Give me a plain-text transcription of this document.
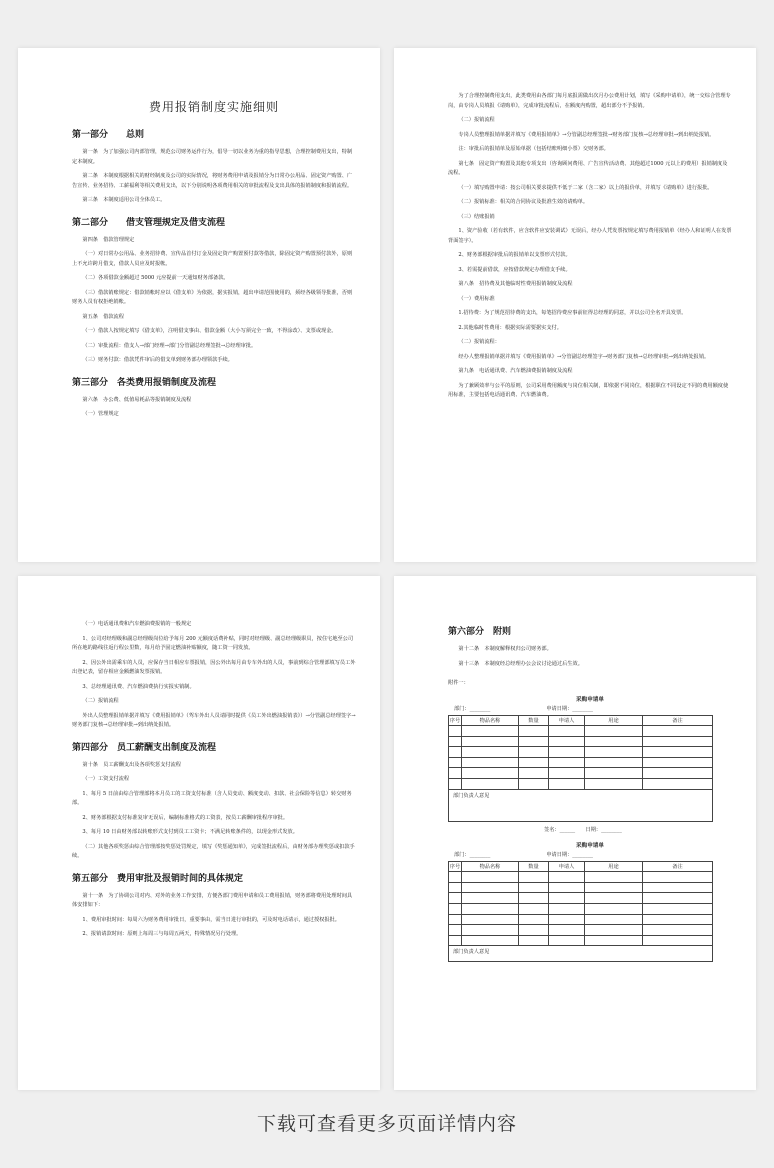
费用报销制度实施细则
第一部分　　总则
第一条　为了加强公司内部管理，规范公司财务运作行为，倡导一切以业务为重的指导思想，合理控制费用支出，特制定本制度。
第二条　本制度根据相关的财经制度及公司的实际情况，将财务费用申请及报销分为日常办公用品、固定资产购置、广告宣传、业务招待、工薪福利等相关费用支出，以下分别说明各项费用相关的审批流程及支出具体的报销制度和报销流程。
第三条　本制度适用公司全体员工。
第二部分　　借支管理规定及借支流程
第四条　借款管理规定
（一）对日常办公用品、业务招待费、宣传品首付订金及固定资产购置预付款等借款，除固定资产购置预付款外，原则上不允许跨月借支，借款人员应及时报帐。
（二）各项借款金额超过 5000 元应提前一天通知财务部备款。
（三）借款销账规定：借款销帐时应以《借支单》为依据，据实报销，超出申请范围使用的，须经各级领导批准，否则财务人员有权拒绝销帐。
第五条　借款流程
（一）借款人按规定填写《借支单》，注明借支事由、借款金额（大小写须完全一致，不得涂改）、支票或现金。
（二）审批流程：借支人→部门经理→部门分管副总经理签批→总经理审批。
（三）财务付款：借款凭件审后的借支单到财务部办理领款手续。
第三部分　各类费用报销制度及流程
第六条　办公费、低值易耗品等报销制度及流程
（一）管理规定
为了合理控制费用支出，此类费用由各部门每月底报需做出次月办公费用计划，填写《采购申请单》，统一交综合管理专岗，由专岗人员填报《请购单》，完成审批流程后，在额度内购置，超出部分不予报销。
（二）报销流程
专岗人员整理报销单据并填写《费用报销单》→分管副总经理签批→财务部门复核→总经理审批→到出纳处报销。
注：审批后的报销单及原始单据（包括结账明细小票）交财务部。
第七条　固定资产购置及其他专项支出（咨询顾问费用、广告宣传活动费、其他超过1000 元以上的费用）报销制度及流程。
（一）填写购置申请：按公司相关要求提供不低于二家（含二家）以上的报价单，并填写《请购单》进行报批。
（二）报销标准：相关的合同协议及批准生效的请购单。
（三）结账报销
1、资产验收（若有软件，应含软件应安装调试）无误后，经办人凭发票按规定填写费用报销单（经办人和证明人在发票背面签字）。
2、财务部根据审批后的报销单以支票形式付款。
3、若需提前借款，应按借款规定办理借支手续。
第八条　招待费及其他临时性费用报销制度及流程
（一）费用标准
1.招待费：为了规范招待费的支出，每笔招待费应事前征得总经理的同意，并以公司全名开具发票。
2.其他临时性费用：根据实际需要据实支付。
（二）报销流程：
经办人整理报销单据并填写《费用报销单》→分管副总经理签字→财务部门复核→总经理审批→到出纳处报销。
第九条　电话通讯费、汽车燃油费报销制度及流程
为了兼顾效率与公平的原则，公司采用费用额度与岗位相关制，即依据不同岗位，根据职位不同设定不同的费用额度使用标准，主要包括电话通讯费、汽车燃油费。
（一）电话通讯费和汽车燃油费报销的一般规定
1、公司对经理级和副总经理级岗位给予每月 200 元额度话费补贴，同时对经理级、副总经理级职员，按住宅地至公司所在地的路线往返行程公里数，每月给予固定燃油补贴额度，随工资一同发放。
2、因公外出需乘车的人员，应保存当日相应车票报销，因公外出每月由专车外出的人员，事前到综合管理部填写员工外出登记表，留存相应金额燃油发票报销。
3、总经理通讯费、汽车燃油费执行实报实销制。
（二）报销流程
外出人员整理报销单据并填写《费用报销单》（驾车外出人员请同时提供《员工外出燃油报销表》）→分管副总经理签字→财务部门复核→总经理审批→到出纳处报销。
第四部分　员工薪酬支出制度及流程
第十条　员工薪酬支出及各项奖惩支付流程
（一）工资支付流程
1、每月 5 日前由综合管理部将本月员工的工资支付标准（含人员变动、额度变动、扣款、社会保险等信息）转交财务部。
2、财务部根据支付标准复审无误后，编制标准格式的工资表，按员工薪酬审批程序审批。
3、每月 10 日由财务部以转账形式支付到员工工资卡；不满足转账条件的，以现金形式发放。
（二）其他各项奖惩由综合管理部按奖惩处罚规定，填写《奖惩通知单》，完成签批流程后，由财务部办理奖惩或扣款手续。
第五部分　费用审批及报销时间的具体规定
第十一条　为了协调公司对内、对外的业务工作安排，方便各部门费用申请和员工费用报销，财务部将费用处理时间具体安排如下：
1、费用审批时间：每周六为财务费用审批日，重要事由，需当日进行审批的，可及时电话请示，通过授权报批。
2、报销请款时间：原则上每周三与每周五两天，特殊情况另行处理。
第六部分　附则
第十二条　本制度解释权归公司财务部。
第十三条　本制度经总经理办公会议讨论通过后生效。
附件一：
采购申请单
部门：________	申请日期：________
序号	物品名称	数量	申请人	用途	备注

部门负责人意见					
签名：______　　日期：________
采购申请单
部门：________	申请日期：________
序号	物品名称	数量	申请人	用途	备注

部门负责人意见					
下载可查看更多页面详情内容
